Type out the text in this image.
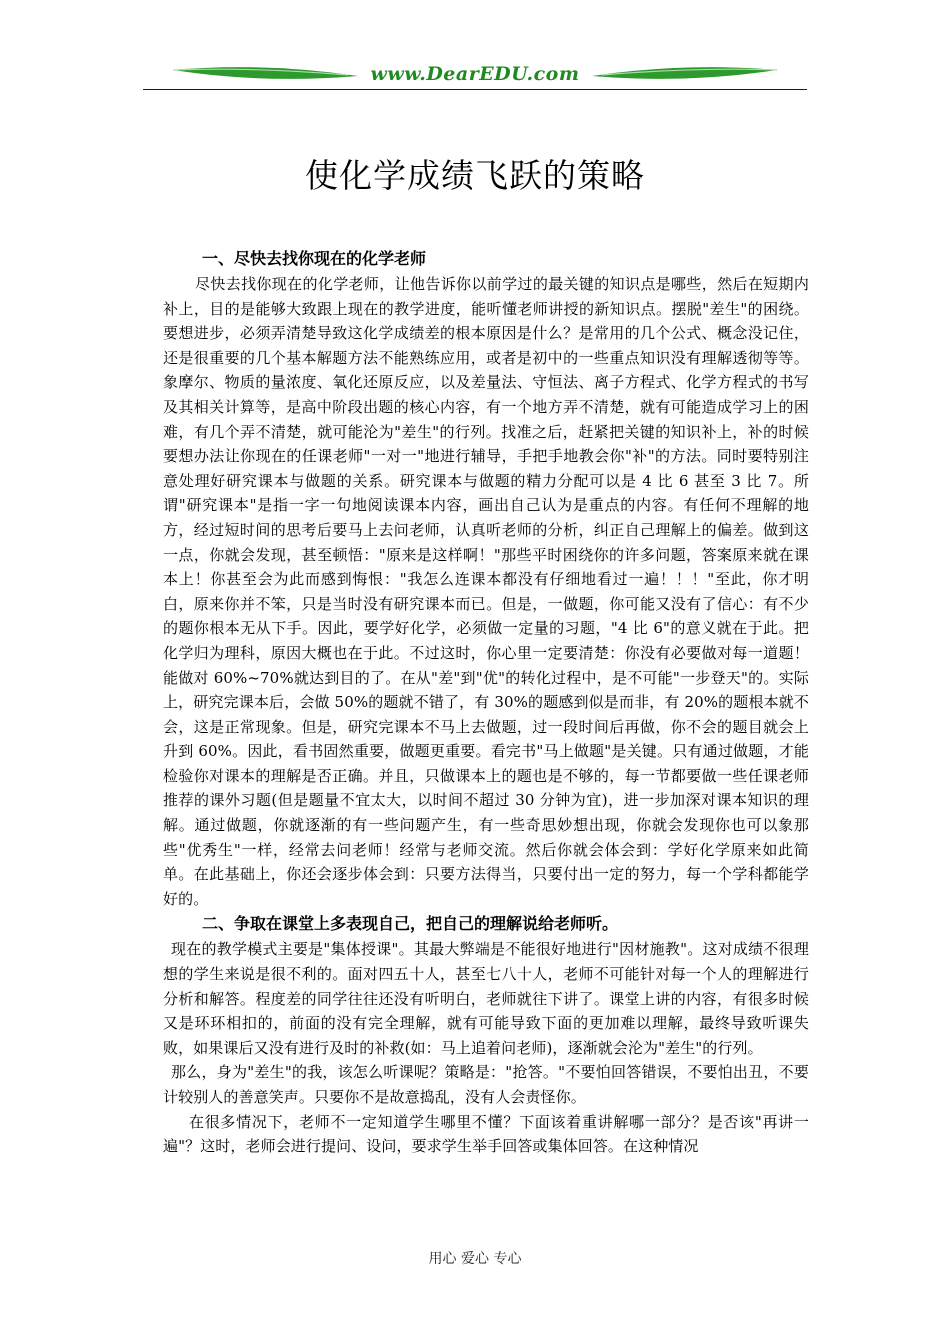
www.DearEDU.com
使化学成绩飞跃的策略
一、尽快去找你现在的化学老师

尽快去找你现在的化学老师，让他告诉你以前学过的最关键的知识点是哪些，然后在短期内补上，目的是能够大致跟上现在的教学进度，能听懂老师讲授的新知识点。摆脱"差生"的困绕。 要想进步，必须弄清楚导致这化学成绩差的根本原因是什么？是常用的几个公式、概念没记住，还是很重要的几个基本解题方法不能熟练应用，或者是初中的一些重点知识没有理解透彻等等。象摩尔、物质的量浓度、氧化还原反应，以及差量法、守恒法、离子方程式、化学方程式的书写及其相关计算等，是高中阶段出题的核心内容，有一个地方弄不清楚，就有可能造成学习上的困难，有几个弄不清楚，就可能沦为"差生"的行列。找准之后，赶紧把关键的知识补上，补的时候要想办法让你现在的任课老师"一对一"地进行辅导，手把手地教会你"补"的方法。同时要特别注意处理好研究课本与做题的关系。研究课本与做题的精力分配可以是 4 比 6 甚至 3 比 7。所谓"研究课本"是指一字一句地阅读课本内容，画出自己认为是重点的内容。有任何不理解的地方，经过短时间的思考后要马上去问老师，认真听老师的分析，纠正自己理解上的偏差。做到这一点，你就会发现，甚至顿悟："原来是这样啊！"那些平时困绕你的许多问题，答案原来就在课本上！你甚至会为此而感到悔恨："我怎么连课本都没有仔细地看过一遍！！！"至此，你才明白，原来你并不笨，只是当时没有研究课本而已。但是，一做题，你可能又没有了信心：有不少的题你根本无从下手。因此，要学好化学，必须做一定量的习题，"4 比 6"的意义就在于此。把化学归为理科，原因大概也在于此。不过这时，你心里一定要清楚：你没有必要做对每一道题！能做对 60%~70%就达到目的了。在从"差"到"优"的转化过程中，是不可能"一步登天"的。实际上，研究完课本后，会做 50%的题就不错了，有 30%的题感到似是而非，有 20%的题根本就不会，这是正常现象。但是，研究完课本不马上去做题，过一段时间后再做，你不会的题目就会上升到 60%。因此，看书固然重要，做题更重要。看完书"马上做题"是关键。只有通过做题，才能检验你对课本的理解是否正确。并且，只做课本上的题也是不够的，每一节都要做一些任课老师推荐的课外习题(但是题量不宜太大，以时间不超过 30 分钟为宜)，进一步加深对课本知识的理解。通过做题，你就逐渐的有一些问题产生，有一些奇思妙想出现，你就会发现你也可以象那些"优秀生"一样，经常去问老师！经常与老师交流。然后你就会体会到：学好化学原来如此简单。在此基础上，你还会逐步体会到：只要方法得当，只要付出一定的努力，每一个学科都能学好的。

二、争取在课堂上多表现自己，把自己的理解说给老师听。

现在的教学模式主要是"集体授课"。其最大弊端是不能很好地进行"因材施教"。这对成绩不很理想的学生来说是很不利的。面对四五十人，甚至七八十人，老师不可能针对每一个人的理解进行分析和解答。程度差的同学往往还没有听明白，老师就往下讲了。课堂上讲的内容，有很多时候又是环环相扣的，前面的没有完全理解，就有可能导致下面的更加难以理解，最终导致听课失败，如果课后又没有进行及时的补救(如：马上追着问老师)，逐渐就会沦为"差生"的行列。

那么，身为"差生"的我，该怎么听课呢？策略是："抢答。"不要怕回答错误，不要怕出丑，不要计较别人的善意笑声。只要你不是故意捣乱，没有人会责怪你。

在很多情况下，老师不一定知道学生哪里不懂？下面该着重讲解哪一部分？是否该"再讲一遍"？这时，老师会进行提问、设问，要求学生举手回答或集体回答。在这种情况

用心 爱心 专心
